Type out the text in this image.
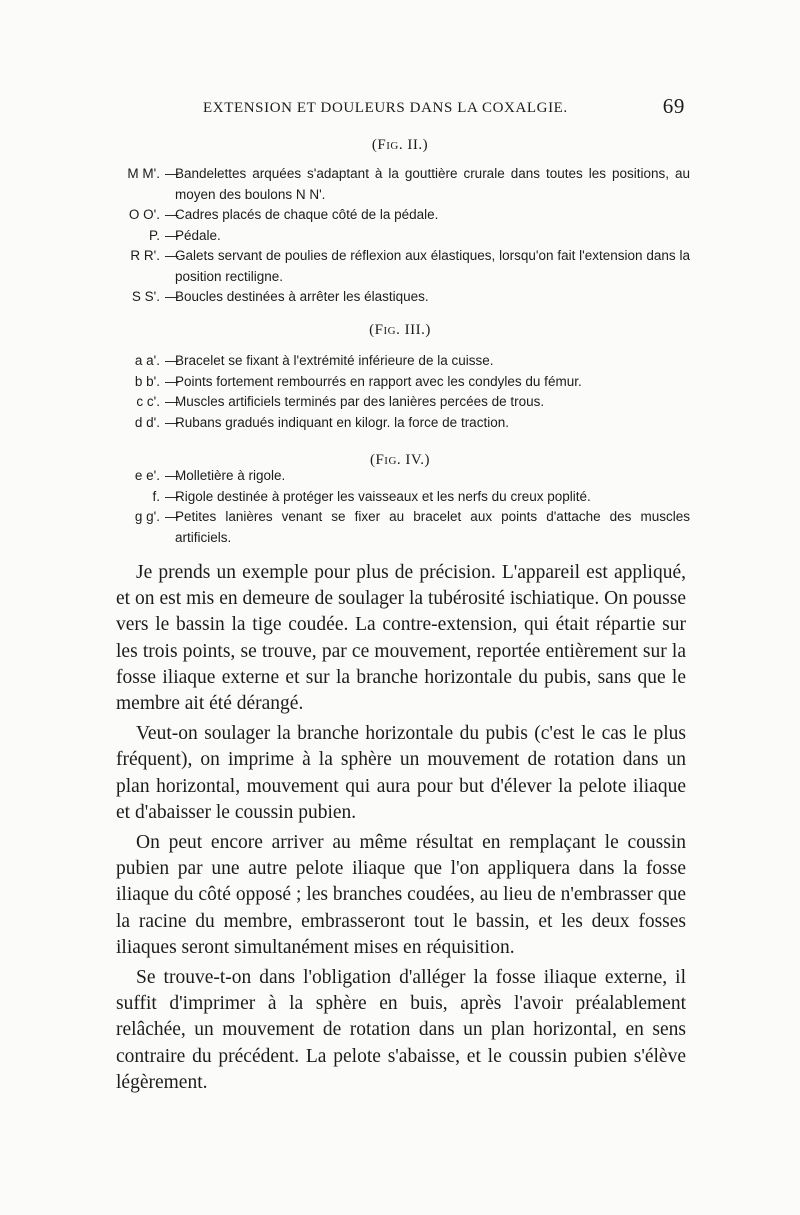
EXTENSION ET DOULEURS DANS LA COXALGIE.	69
(FIG. II.)
M M'. —
Bandelettes arquées s'adaptant à la gouttière crurale dans toutes les positions, au moyen des boulons N N'.
O O'. —
Cadres placés de chaque côté de la pédale.
P. —
Pédale.
R R'. —
Galets servant de poulies de réflexion aux élastiques, lorsqu'on fait l'extension dans la position rectiligne.
S S'. —
Boucles destinées à arrêter les élastiques.
(FIG. III.)
a a'. —
Bracelet se fixant à l'extrémité inférieure de la cuisse.
b b'. —
Points fortement rembourrés en rapport avec les condyles du fémur.
c c'. —
Muscles artificiels terminés par des lanières percées de trous.
d d'. —
Rubans gradués indiquant en kilogr. la force de traction.
(FIG. IV.)
e e'. —
Molletière à rigole.
f. —
Rigole destinée à protéger les vaisseaux et les nerfs du creux poplité.
g g'. —
Petites lanières venant se fixer au bracelet aux points d'attache des muscles artificiels.

Je prends un exemple pour plus de précision. L'appareil est appliqué, et on est mis en demeure de soulager la tubérosité ischiatique. On pousse vers le bassin la tige coudée. La contre-extension, qui était répartie sur les trois points, se trouve, par ce mouvement, reportée entièrement sur la fosse iliaque externe et sur la branche horizontale du pubis, sans que le membre ait été dérangé.

Veut-on soulager la branche horizontale du pubis (c'est le cas le plus fréquent), on imprime à la sphère un mouvement de rotation dans un plan horizontal, mouvement qui aura pour but d'élever la pelote iliaque et d'abaisser le coussin pubien.

On peut encore arriver au même résultat en remplaçant le coussin pubien par une autre pelote iliaque que l'on appliquera dans la fosse iliaque du côté opposé ; les branches coudées, au lieu de n'embrasser que la racine du membre, embrasseront tout le bassin, et les deux fosses iliaques seront simultanément mises en réquisition.

Se trouve-t-on dans l'obligation d'alléger la fosse iliaque externe, il suffit d'imprimer à la sphère en buis, après l'avoir préalablement relâchée, un mouvement de rotation dans un plan horizontal, en sens contraire du précédent. La pelote s'abaisse, et le coussin pubien s'élève légèrement.
